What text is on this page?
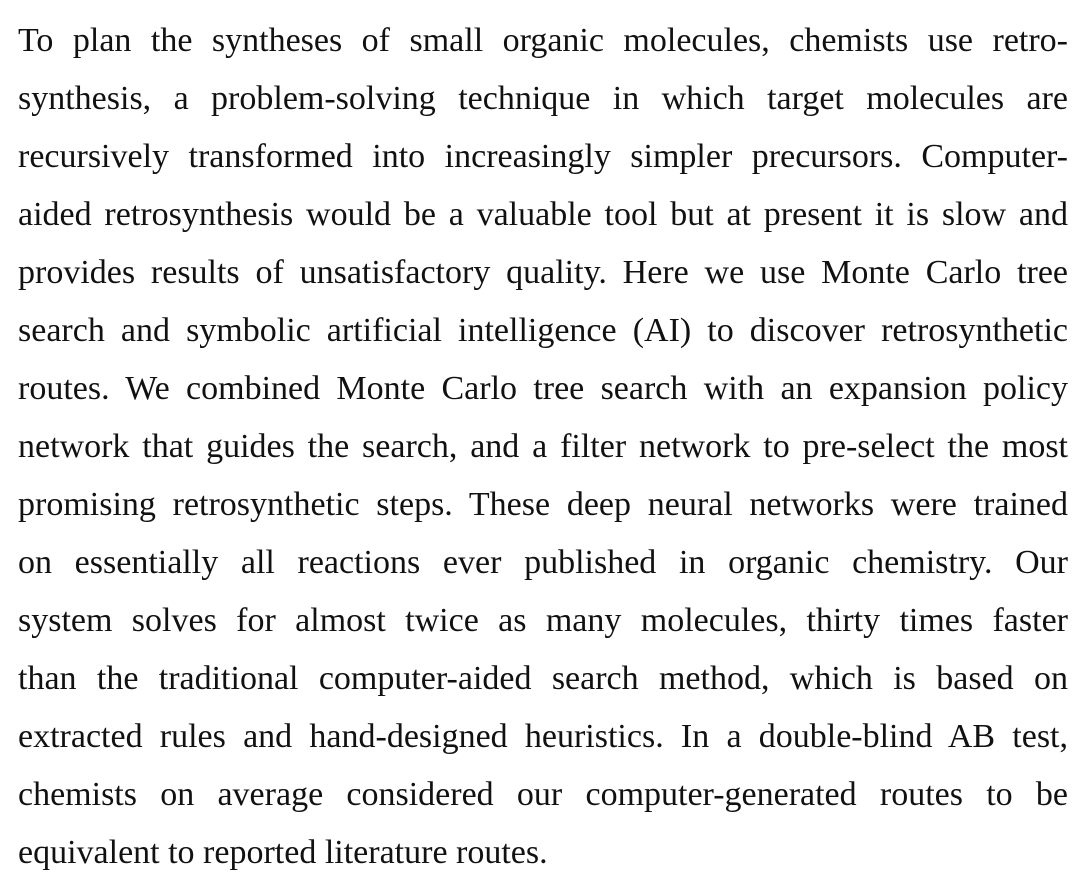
To plan the syntheses of small organic molecules, chemists use retro-
synthesis, a problem-solving technique in which target molecules are
recursively transformed into increasingly simpler precursors. Computer-
aided retrosynthesis would be a valuable tool but at present it is slow and
provides results of unsatisfactory quality. Here we use Monte Carlo tree
search and symbolic artificial intelligence (AI) to discover retrosynthetic
routes. We combined Monte Carlo tree search with an expansion policy
network that guides the search, and a filter network to pre-select the most
promising retrosynthetic steps. These deep neural networks were trained
on essentially all reactions ever published in organic chemistry. Our
system solves for almost twice as many molecules, thirty times faster
than the traditional computer-aided search method, which is based on
extracted rules and hand-designed heuristics. In a double-blind AB test,
chemists on average considered our computer-generated routes to be
equivalent to reported literature routes.
